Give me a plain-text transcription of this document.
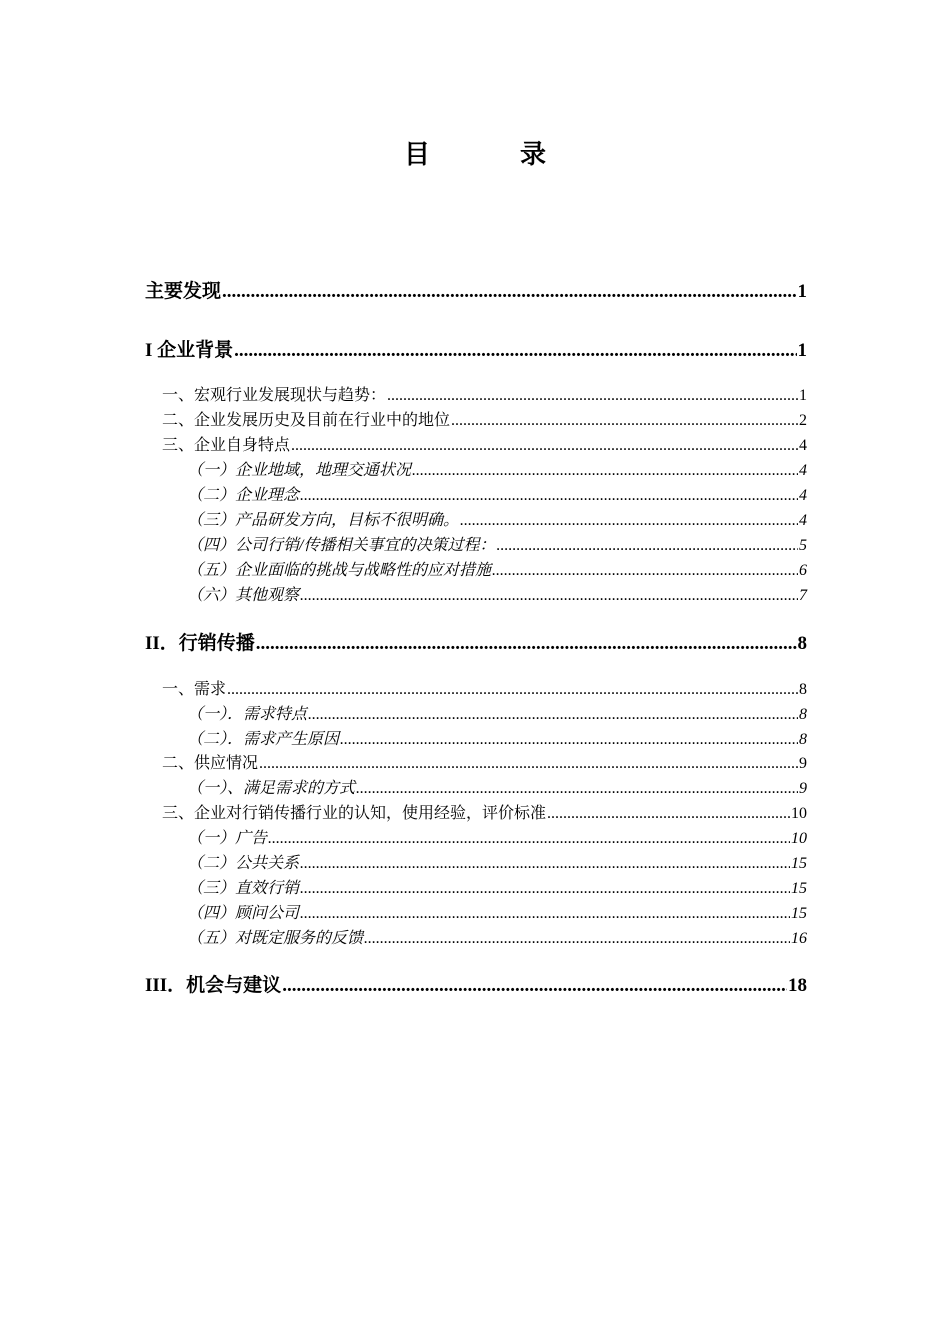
目	录
主要发现 .....	1
I 企业背景 .....	1
一、宏观行业发展现状与趋势： .....	1
二、企业发展历史及目前在行业中的地位 .....	2
三、企业自身特点 .....	4
（一）企业地域，地理交通状况 .....	4
（二）企业理念 .....	4
（三）产品研发方向，目标不很明确。 .....	4
（四）公司行销/传播相关事宜的决策过程： .....	5
（五）企业面临的挑战与战略性的应对措施 .....	6
（六）其他观察 .....	7
II．行销传播 .....	8
一、需求 .....	8
（一）．需求特点 .....	8
（二）．需求产生原因 .....	8
二、供应情况 .....	9
（一）、满足需求的方式 .....	9
三、企业对行销传播行业的认知，使用经验，评价标准 .....	10
（一）广告 .....	10
（二）公共关系 .....	15
（三）直效行销 .....	15
（四）顾问公司 .....	15
（五）对既定服务的反馈 .....	16
III．机会与建议 .....	18
